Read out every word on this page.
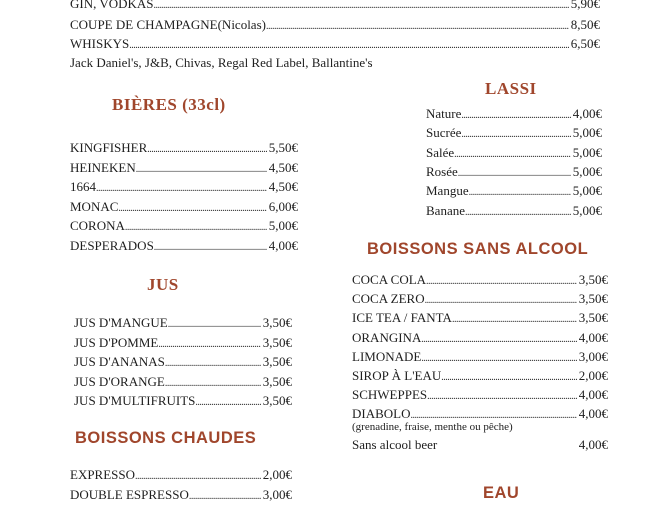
GIN, VODKAS .....	5,90€
COUPE DE CHAMPAGNE(Nicolas) .....	8,50€
WHISKYS .....	6,50€
Jack Daniel's, J&B, Chivas, Regal Red Label, Ballantine's
BIÈRES (33cl)
KINGFISHER .....	5,50€
HEINEKEN .....	4,50€
1664 .....	4,50€
MONAC .....	6,00€
CORONA .....	5,00€
DESPERADOS .....	4,00€
JUS
JUS D'MANGUE .....	3,50€
JUS D'POMME .....	3,50€
JUS D'ANANAS .....	3,50€
JUS D'ORANGE .....	3,50€
JUS D'MULTIFRUITS .....	3,50€
BOISSONS CHAUDES
EXPRESSO .....	2,00€
DOUBLE ESPRESSO .....	3,00€
LASSI
Nature .....	4,00€
Sucrée .....	5,00€
Salée .....	5,00€
Rosée .....	5,00€
Mangue .....	5,00€
Banane .....	5,00€
BOISSONS SANS ALCOOL
COCA COLA .....	3,50€
COCA ZERO .....	3,50€
ICE TEA / FANTA .....	3,50€
ORANGINA .....	4,00€
LIMONADE .....	3,00€
SIROP À L'EAU .....	2,00€
SCHWEPPES .....	4,00€
DIABOLO .....	4,00€
(grenadine, fraise, menthe ou pêche)
Sans alcool beer	4,00€
EAU
